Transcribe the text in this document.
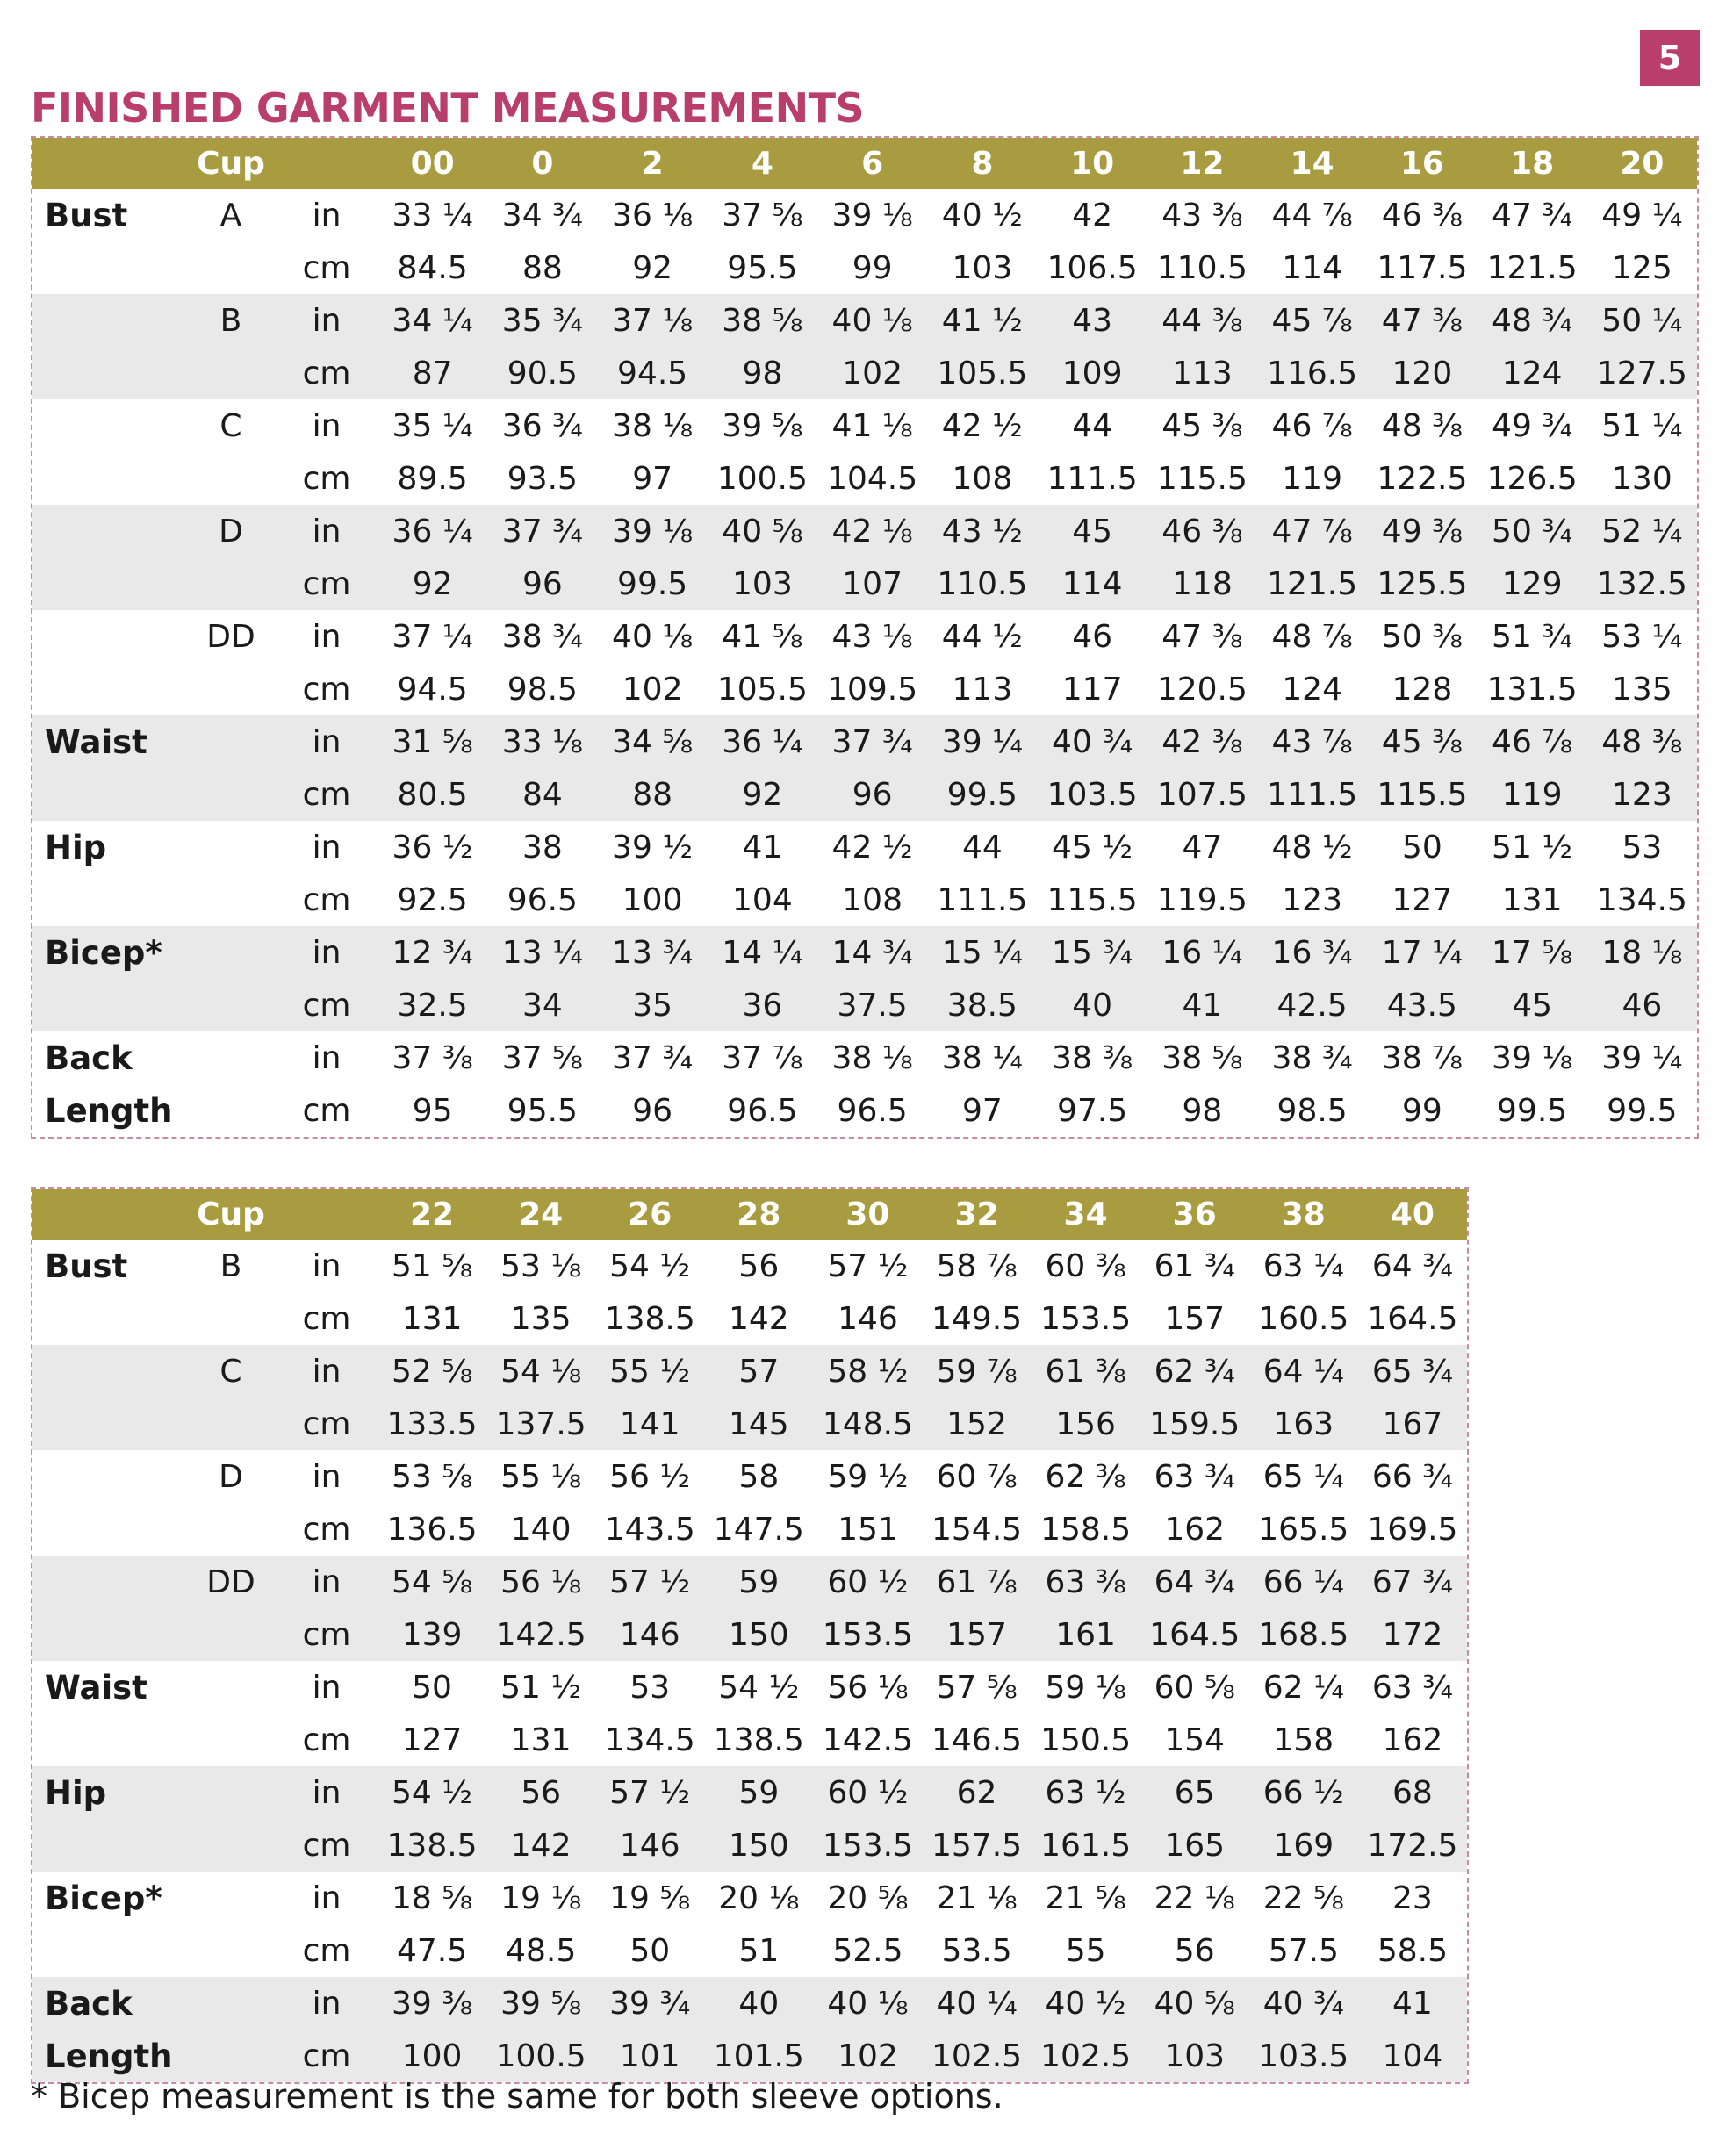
5
FINISHED GARMENT MEASUREMENTS
	Cup		00	0	2	4	6	8	10	12	14	16	18	20
Bust	A	in	33 ¼	34 ¾	36 ⅛	37 ⅝	39 ⅛	40 ½	42	43 ⅜	44 ⅞	46 ⅜	47 ¾	49 ¼
		cm	84.5	88	92	95.5	99	103	106.5	110.5	114	117.5	121.5	125
	B	in	34 ¼	35 ¾	37 ⅛	38 ⅝	40 ⅛	41 ½	43	44 ⅜	45 ⅞	47 ⅜	48 ¾	50 ¼
		cm	87	90.5	94.5	98	102	105.5	109	113	116.5	120	124	127.5
	C	in	35 ¼	36 ¾	38 ⅛	39 ⅝	41 ⅛	42 ½	44	45 ⅜	46 ⅞	48 ⅜	49 ¾	51 ¼
		cm	89.5	93.5	97	100.5	104.5	108	111.5	115.5	119	122.5	126.5	130
	D	in	36 ¼	37 ¾	39 ⅛	40 ⅝	42 ⅛	43 ½	45	46 ⅜	47 ⅞	49 ⅜	50 ¾	52 ¼
		cm	92	96	99.5	103	107	110.5	114	118	121.5	125.5	129	132.5
	DD	in	37 ¼	38 ¾	40 ⅛	41 ⅝	43 ⅛	44 ½	46	47 ⅜	48 ⅞	50 ⅜	51 ¾	53 ¼
		cm	94.5	98.5	102	105.5	109.5	113	117	120.5	124	128	131.5	135
Waist		in	31 ⅝	33 ⅛	34 ⅝	36 ¼	37 ¾	39 ¼	40 ¾	42 ⅜	43 ⅞	45 ⅜	46 ⅞	48 ⅜
		cm	80.5	84	88	92	96	99.5	103.5	107.5	111.5	115.5	119	123
Hip		in	36 ½	38	39 ½	41	42 ½	44	45 ½	47	48 ½	50	51 ½	53
		cm	92.5	96.5	100	104	108	111.5	115.5	119.5	123	127	131	134.5
Bicep*		in	12 ¾	13 ¼	13 ¾	14 ¼	14 ¾	15 ¼	15 ¾	16 ¼	16 ¾	17 ¼	17 ⅝	18 ⅛
		cm	32.5	34	35	36	37.5	38.5	40	41	42.5	43.5	45	46
Back		in	37 ⅜	37 ⅝	37 ¾	37 ⅞	38 ⅛	38 ¼	38 ⅜	38 ⅝	38 ¾	38 ⅞	39 ⅛	39 ¼
Length		cm	95	95.5	96	96.5	96.5	97	97.5	98	98.5	99	99.5	99.5
	Cup		22	24	26	28	30	32	34	36	38	40
Bust	B	in	51 ⅝	53 ⅛	54 ½	56	57 ½	58 ⅞	60 ⅜	61 ¾	63 ¼	64 ¾
		cm	131	135	138.5	142	146	149.5	153.5	157	160.5	164.5
	C	in	52 ⅝	54 ⅛	55 ½	57	58 ½	59 ⅞	61 ⅜	62 ¾	64 ¼	65 ¾
		cm	133.5	137.5	141	145	148.5	152	156	159.5	163	167
	D	in	53 ⅝	55 ⅛	56 ½	58	59 ½	60 ⅞	62 ⅜	63 ¾	65 ¼	66 ¾
		cm	136.5	140	143.5	147.5	151	154.5	158.5	162	165.5	169.5
	DD	in	54 ⅝	56 ⅛	57 ½	59	60 ½	61 ⅞	63 ⅜	64 ¾	66 ¼	67 ¾
		cm	139	142.5	146	150	153.5	157	161	164.5	168.5	172
Waist		in	50	51 ½	53	54 ½	56 ⅛	57 ⅝	59 ⅛	60 ⅝	62 ¼	63 ¾
		cm	127	131	134.5	138.5	142.5	146.5	150.5	154	158	162
Hip		in	54 ½	56	57 ½	59	60 ½	62	63 ½	65	66 ½	68
		cm	138.5	142	146	150	153.5	157.5	161.5	165	169	172.5
Bicep*		in	18 ⅝	19 ⅛	19 ⅝	20 ⅛	20 ⅝	21 ⅛	21 ⅝	22 ⅛	22 ⅝	23
		cm	47.5	48.5	50	51	52.5	53.5	55	56	57.5	58.5
Back		in	39 ⅜	39 ⅝	39 ¾	40	40 ⅛	40 ¼	40 ½	40 ⅝	40 ¾	41
Length		cm	100	100.5	101	101.5	102	102.5	102.5	103	103.5	104

* Bicep measurement is the same for both sleeve options.
